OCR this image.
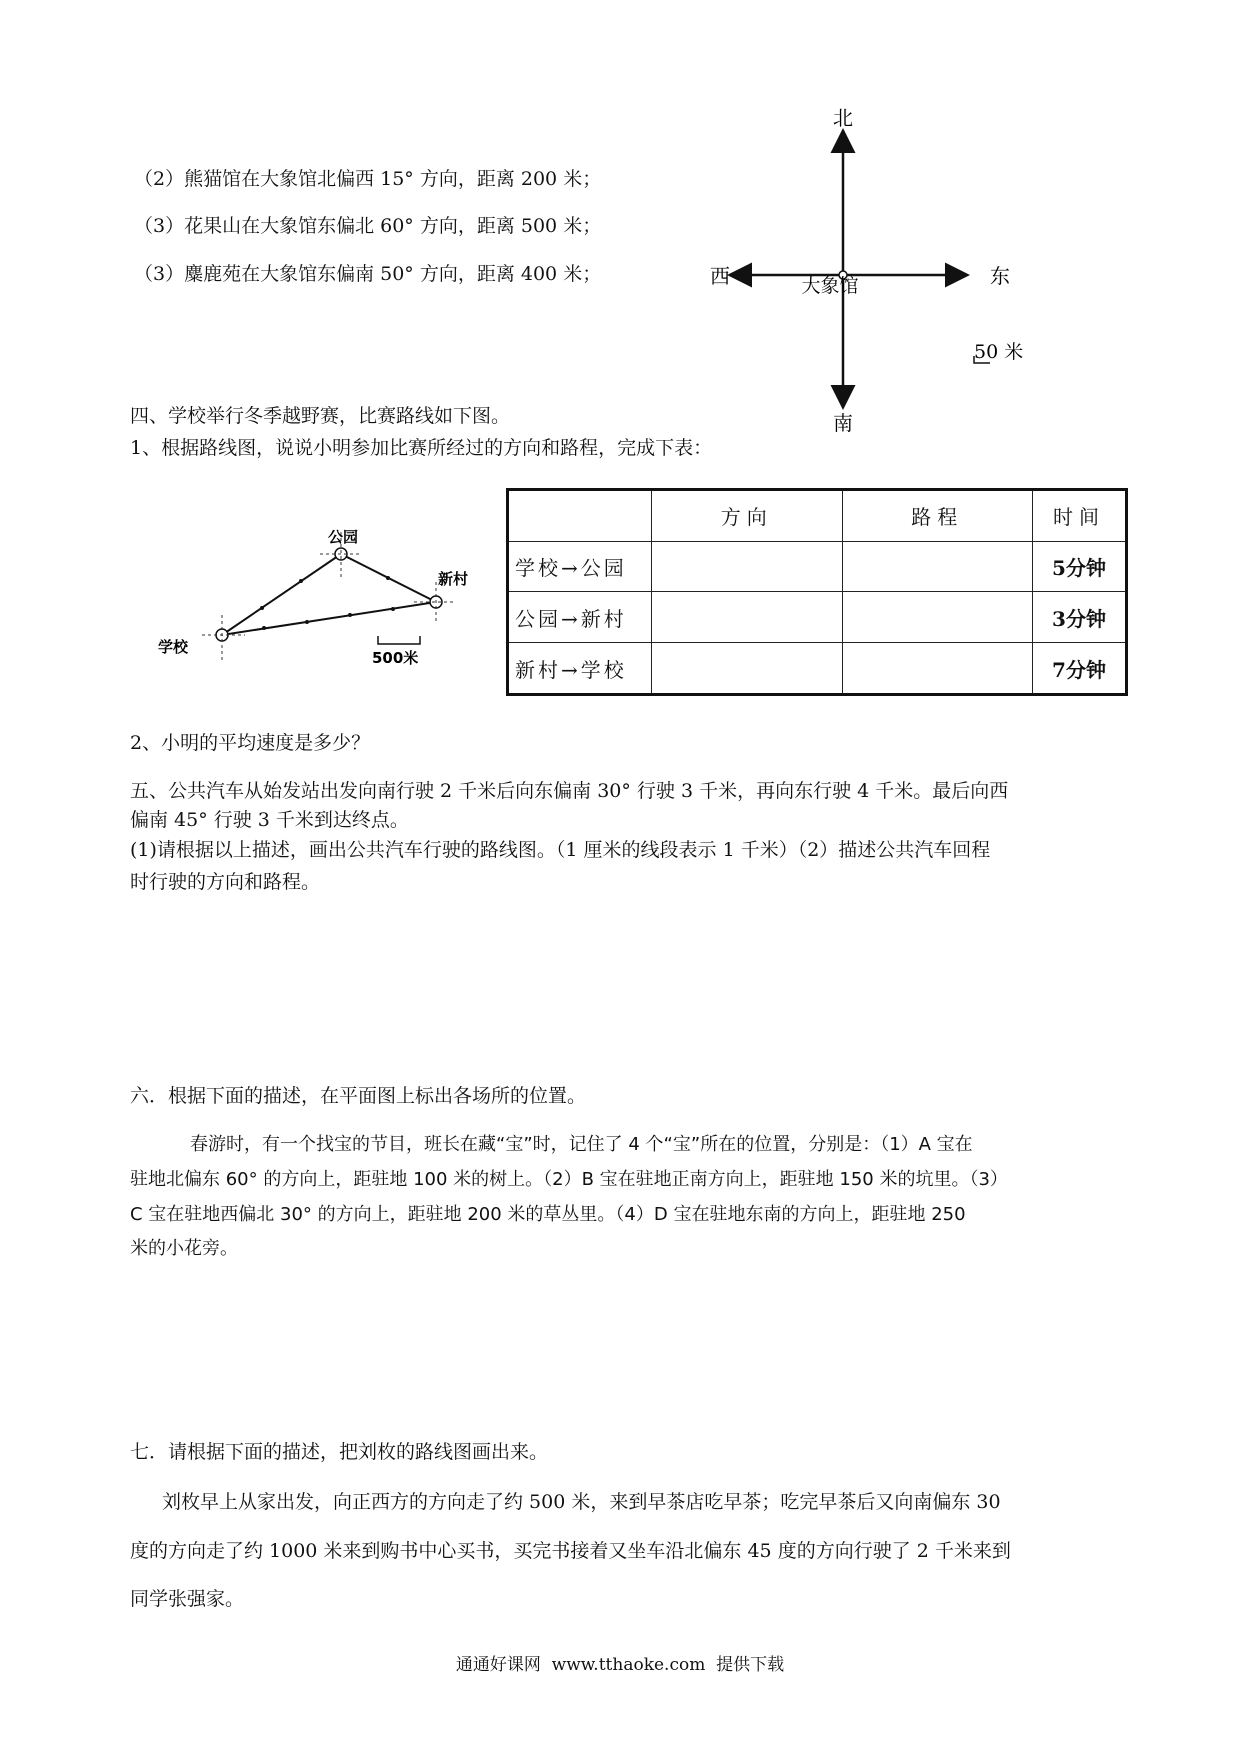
（2）熊猫馆在大象馆北偏西 15° 方向，距离 200 米；
（3）花果山在大象馆东偏北 60° 方向，距离 500 米；
（3）麋鹿苑在大象馆东偏南 50° 方向，距离 400 米；
北
南
东
西	大象馆
50 米
四、学校举行冬季越野赛，比赛路线如下图。
1、根据路线图，说说小明参加比赛所经过的方向和路程，完成下表：
公园
新村
学校
500米
	方向	路程	时间
学校→公园			5分钟
公园→新村			3分钟
新村→学校			7分钟
2、小明的平均速度是多少？
五、公共汽车从始发站出发向南行驶 2 千米后向东偏南 30° 行驶 3 千米，再向东行驶 4 千米。最后向西
偏南 45° 行驶 3 千米到达终点。
(1)请根据以上描述，画出公共汽车行驶的路线图。（1 厘米的线段表示 1 千米）（2）描述公共汽车回程
时行驶的方向和路程。
六．根据下面的描述，在平面图上标出各场所的位置。
春游时，有一个找宝的节目，班长在藏“宝”时，记住了 4 个“宝”所在的位置，分别是：（1）A 宝在
驻地北偏东 60° 的方向上，距驻地 100 米的树上。（2）B 宝在驻地正南方向上，距驻地 150 米的坑里。（3）
C 宝在驻地西偏北 30° 的方向上，距驻地 200 米的草丛里。（4）D 宝在驻地东南的方向上，距驻地 250
米的小花旁。
七．请根据下面的描述，把刘枚的路线图画出来。
刘枚早上从家出发，向正西方的方向走了约 500 米，来到早茶店吃早茶；吃完早茶后又向南偏东 30
度的方向走了约 1000 米来到购书中心买书，买完书接着又坐车沿北偏东 45 度的方向行驶了 2 千米来到
同学张强家。
通通好课网  www.tthaoke.com  提供下载
